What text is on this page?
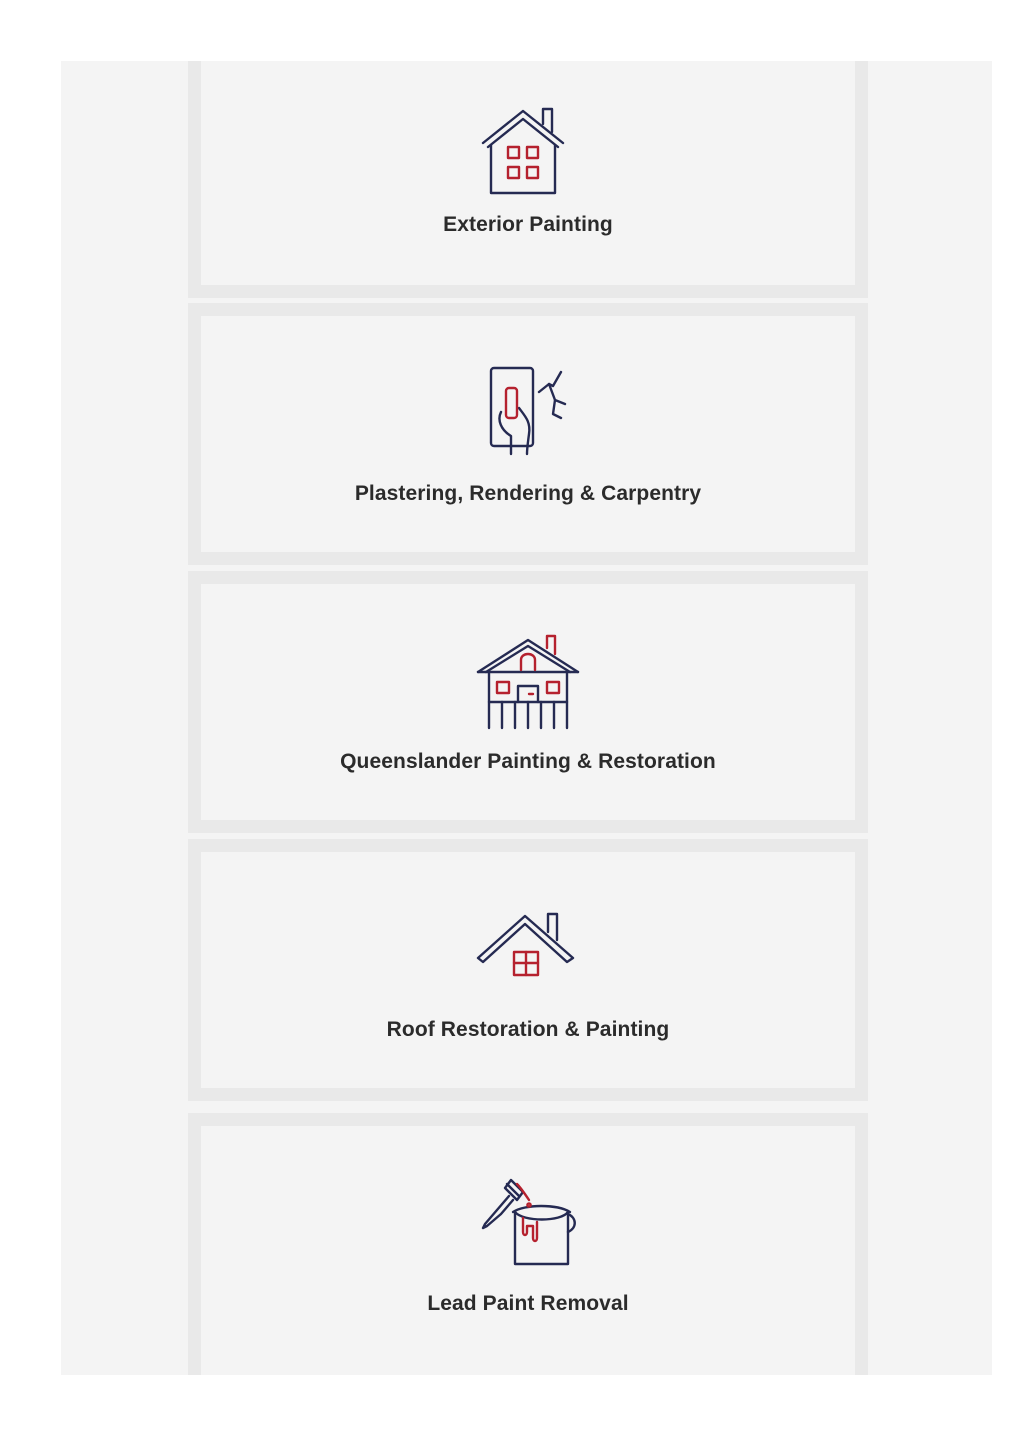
Exterior Painting
Plastering, Rendering & Carpentry
Queenslander Painting & Restoration
Roof Restoration & Painting
Lead Paint Removal
